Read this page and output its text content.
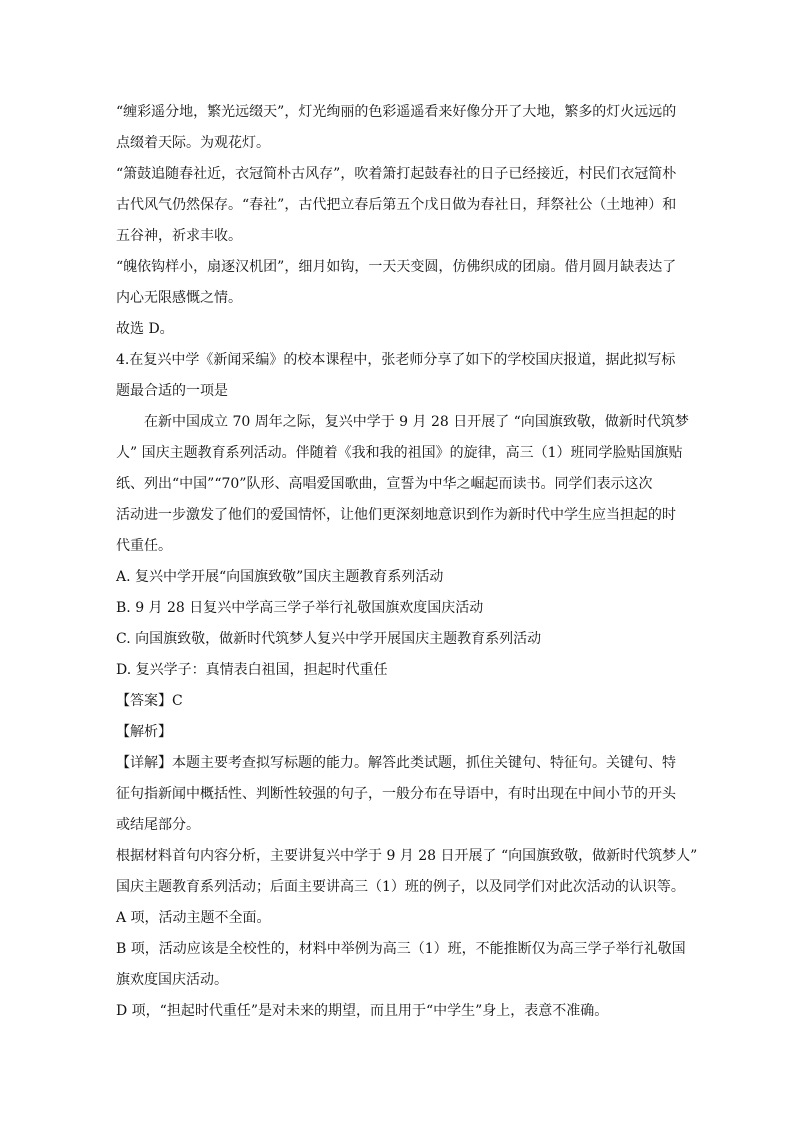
“缠彩遥分地，繁光远缀天”，灯光绚丽的色彩遥遥看来好像分开了大地，繁多的灯火远远的
点缀着天际。为观花灯。
“箫鼓追随春社近，衣冠简朴古风存”，吹着箫打起鼓春社的日子已经接近，村民们衣冠简朴
古代风气仍然保存。“春社”，古代把立春后第五个戊日做为春社日，拜祭社公（土地神）和
五谷神，祈求丰收。
“魄依钩样小，扇逐汉机团”，细月如钩，一天天变圆，仿佛织成的团扇。借月圆月缺表达了
内心无限感慨之情。
故选 D。
4.在复兴中学《新闻采编》的校本课程中，张老师分享了如下的学校国庆报道，据此拟写标
题最合适的一项是
在新中国成立 70 周年之际，复兴中学于 9 月 28 日开展了 “向国旗致敬，做新时代筑梦
人” 国庆主题教育系列活动。伴随着《我和我的祖国》的旋律，高三（1）班同学脸贴国旗贴
纸、列出“中国”“70”队形、高唱爱国歌曲，宣誓为中华之崛起而读书。同学们表示这次
活动进一步激发了他们的爱国情怀，让他们更深刻地意识到作为新时代中学生应当担起的时
代重任。
A. 复兴中学开展“向国旗致敬”国庆主题教育系列活动
B. 9 月 28 日复兴中学高三学子举行礼敬国旗欢度国庆活动
C. 向国旗致敬，做新时代筑梦人复兴中学开展国庆主题教育系列活动
D. 复兴学子：真情表白祖国，担起时代重任
【答案】C
【解析】
【详解】本题主要考查拟写标题的能力。解答此类试题，抓住关键句、特征句。关键句、特
征句指新闻中概括性、判断性较强的句子，一般分布在导语中，有时出现在中间小节的开头
或结尾部分。
根据材料首句内容分析，主要讲复兴中学于 9 月 28 日开展了 “向国旗致敬，做新时代筑梦人”
国庆主题教育系列活动；后面主要讲高三（1）班的例子，以及同学们对此次活动的认识等。
A 项，活动主题不全面。
B 项，活动应该是全校性的，材料中举例为高三（1）班，不能推断仅为高三学子举行礼敬国
旗欢度国庆活动。
D 项，“担起时代重任”是对未来的期望，而且用于“中学生”身上，表意不准确。
